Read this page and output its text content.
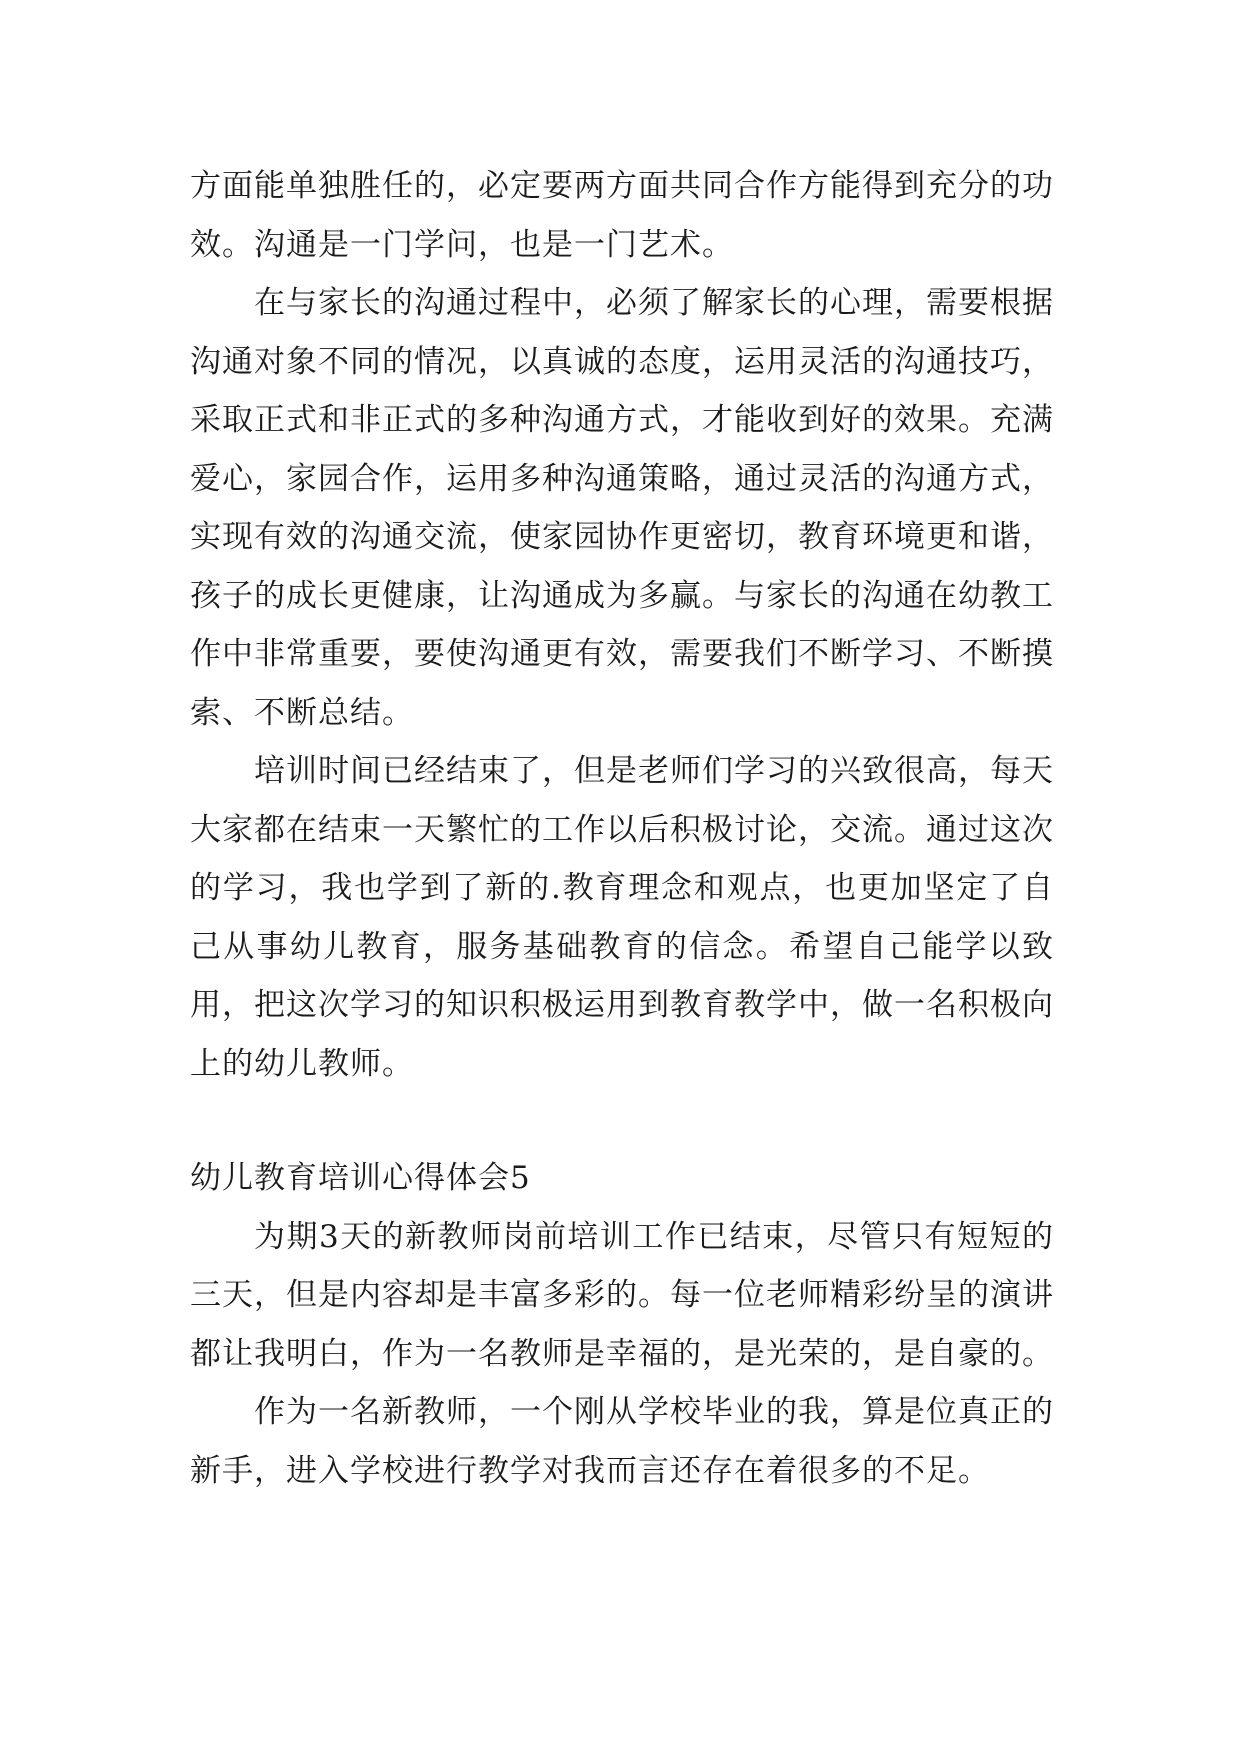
方面能单独胜任的，必定要两方面共同合作方能得到充分的功效。沟通是一门学问，也是一门艺术。

在与家长的沟通过程中，必须了解家长的心理，需要根据沟通对象不同的情况，以真诚的态度，运用灵活的沟通技巧，采取正式和非正式的多种沟通方式，才能收到好的效果。充满爱心，家园合作，运用多种沟通策略，通过灵活的沟通方式，实现有效的沟通交流，使家园协作更密切，教育环境更和谐，孩子的成长更健康，让沟通成为多赢。与家长的沟通在幼教工作中非常重要，要使沟通更有效，需要我们不断学习、不断摸索、不断总结。

培训时间已经结束了，但是老师们学习的兴致很高，每天大家都在结束一天繁忙的工作以后积极讨论，交流。通过这次的学习，我也学到了新的.教育理念和观点，也更加坚定了自己从事幼儿教育，服务基础教育的信念。希望自己能学以致用，把这次学习的知识积极运用到教育教学中，做一名积极向上的幼儿教师。

幼儿教育培训心得体会5

为期3天的新教师岗前培训工作已结束，尽管只有短短的三天，但是内容却是丰富多彩的。每一位老师精彩纷呈的演讲都让我明白，作为一名教师是幸福的，是光荣的，是自豪的。

作为一名新教师，一个刚从学校毕业的我，算是位真正的新手，进入学校进行教学对我而言还存在着很多的不足。
